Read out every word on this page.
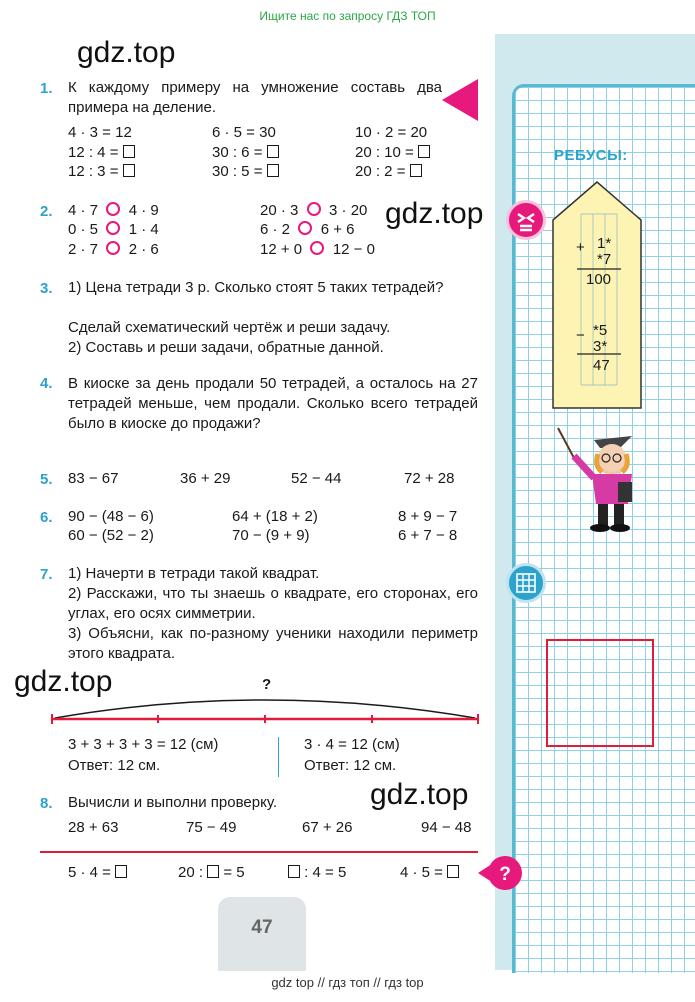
Ищите нас по запросу ГДЗ ТОП
gdz.top
gdz.top
gdz.top
gdz.top
1. К каждому примеру на умножение составь два примера на деление.
4 · 3 = 12	6 · 5 = 30	10 · 2 = 20
12 : 4 =	30 : 6 =	20 : 10 =
12 : 3 =	30 : 5 =	20 : 2 =
2. 4 · 7 4 · 9	20 · 3 3 · 20
0 · 5 1 · 4	6 · 2 6 + 6
2 · 7 2 · 6	12 + 0 12 − 0
3. 1) Цена тетради 3 р. Сколько стоят 5 таких тетрадей?
Сделай схематический чертёж и реши задачу.
2) Составь и реши задачи, обратные данной.
4. В киоске за день продали 50 тетрадей, а осталось на 27 тетрадей меньше, чем продали. Сколько всего тетрадей было в киоске до продажи?
5. 83 − 67	36 + 29	52 − 44	72 + 28
6. 90 − (48 − 6)	64 + (18 + 2)	8 + 9 − 7
60 − (52 − 2)	70 − (9 + 9)	6 + 7 − 8
7. 1) Начерти в тетради такой квадрат.
2) Расскажи, что ты знаешь о квадрате, его сторонах, его углах, его осях симметрии.
3) Объясни, как по-разному ученики находили периметр этого квадрата.
?
3 + 3 + 3 + 3 = 12 (см)
Ответ: 12 см.
3 · 4 = 12 (см)
Ответ: 12 см.
8. Вычисли и выполни проверку.
28 + 63	75 − 49	67 + 26	94 − 48
5 · 4 =	20 :  = 5	: 4 = 5	4 · 5 =	?
РЕБУСЫ:
+ 1*
*7
100
− *5
3*
47
47
gdz top // гдз топ // гдз top
